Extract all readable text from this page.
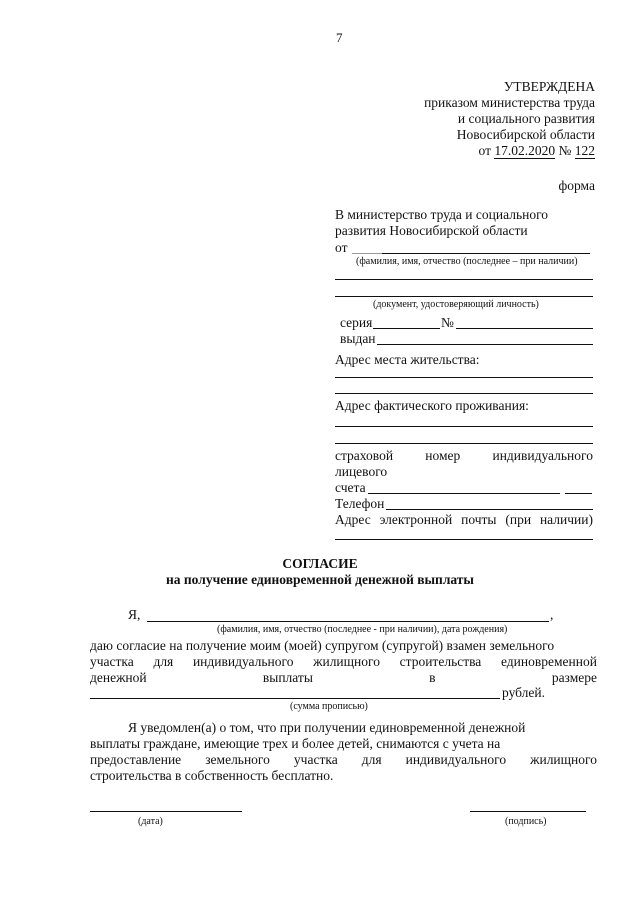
7
УТВЕРЖДЕНА
приказом министерства труда
и социального развития
Новосибирской области
от 17.02.2020 № 122
форма
В министерство труда и социального
развития Новосибирской области
от
(фамилия, имя, отчество (последнее – при наличии)
(документ, удостоверяющий личность)
серия	№
выдан
Адрес места жительства:
Адрес фактического проживания:
страховой номер индивидуального
лицевого
счета
Телефон
Адрес электронной почты (при наличии)
СОГЛАСИЕ
на получение единовременной денежной выплаты
Я,	,
(фамилия, имя, отчество (последнее - при наличии), дата рождения)
даю согласие на получение моим (моей) супругом (супругой) взамен земельного
участка для индивидуального жилищного строительства единовременной
денежной	выплаты	в	размере
рублей.
(сумма прописью)
Я уведомлен(а) о том, что при получении единовременной денежной
выплаты граждане, имеющие трех и более детей, снимаются с учета на
предоставление земельного участка для индивидуального жилищного
строительства в собственность бесплатно.
(дата)	(подпись)
